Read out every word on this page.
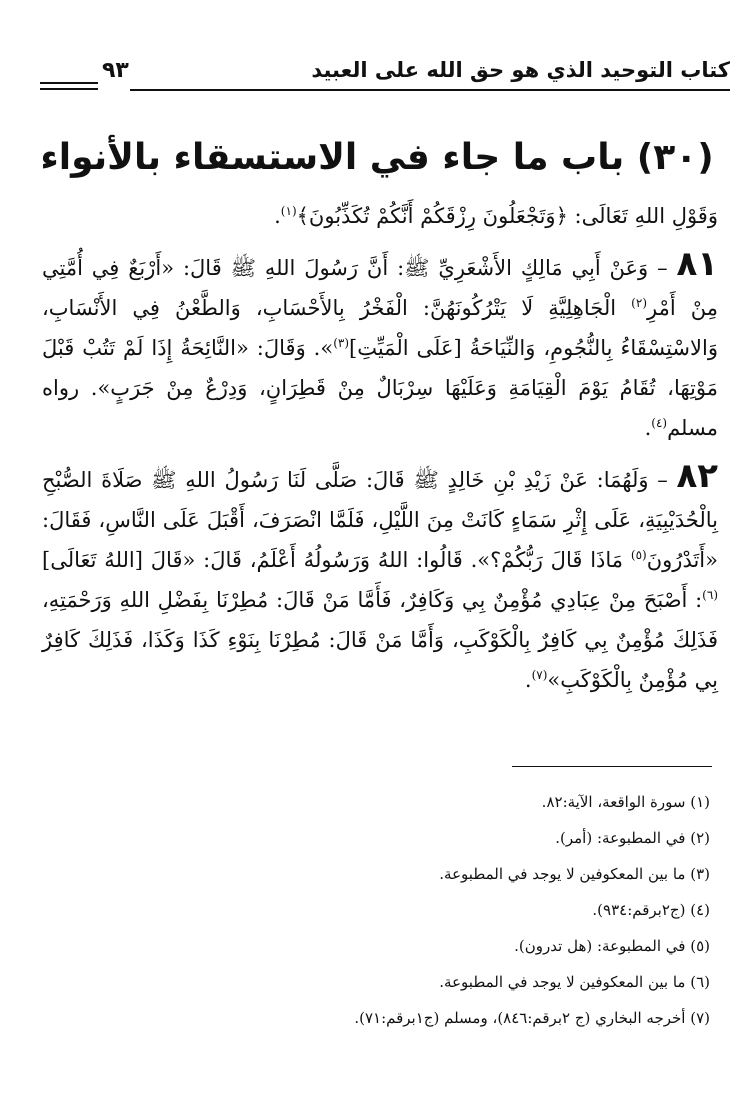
كتاب التوحيد الذي هو حق الله على العبيد
٩٣
(٣٠) باب ما جاء في الاستسقاء بالأنواء

وَقَوْلِ اللهِ تَعَالَى: ﴿وَتَجْعَلُونَ رِزْقَكُمْ أَنَّكُمْ تُكَذِّبُونَ﴾$^{(١)}$.

٨١ – وَعَنْ أَبِي مَالِكٍ الأَشْعَرِيِّ ﷺ: أَنَّ رَسُولَ اللهِ ﷺ قَالَ: «أَرْبَعٌ فِي أُمَّتِي مِنْ أَمْرِ$^{(٢)}$ الْجَاهِلِيَّةِ لَا يَتْرُكُونَهُنَّ: الْفَخْرُ بِالأَحْسَابِ، وَالطَّعْنُ فِي الأَنْسَابِ، وَالاسْتِسْقَاءُ بِالنُّجُومِ، وَالنِّيَاحَةُ [عَلَى الْمَيِّتِ]$^{(٣)}$». وَقَالَ: «النَّائِحَةُ إِذَا لَمْ تَتُبْ قَبْلَ مَوْتِهَا، تُقَامُ يَوْمَ الْقِيَامَةِ وَعَلَيْهَا سِرْبَالٌ مِنْ قَطِرَانٍ، وَدِرْعٌ مِنْ جَرَبٍ». رواه مسلم$^{(٤)}$.

٨٢ – وَلَهُمَا: عَنْ زَيْدِ بْنِ خَالِدٍ ﷺ قَالَ: صَلَّى لَنَا رَسُولُ اللهِ ﷺ صَلَاةَ الصُّبْحِ بِالْحُدَيْبِيَةِ، عَلَى إِثْرِ سَمَاءٍ كَانَتْ مِنَ اللَّيْلِ، فَلَمَّا انْصَرَفَ، أَقْبَلَ عَلَى النَّاسِ، فَقَالَ: «أَتَدْرُونَ$^{(٥)}$ مَاذَا قَالَ رَبُّكُمْ؟». قَالُوا: اللهُ وَرَسُولُهُ أَعْلَمُ، قَالَ: «قَالَ [اللهُ تَعَالَى]$^{(٦)}$: أَصْبَحَ مِنْ عِبَادِي مُؤْمِنٌ بِي وَكَافِرٌ، فَأَمَّا مَنْ قَالَ: مُطِرْنَا بِفَضْلِ اللهِ وَرَحْمَتِهِ، فَذَلِكَ مُؤْمِنٌ بِي كَافِرٌ بِالْكَوْكَبِ، وَأَمَّا مَنْ قَالَ: مُطِرْنَا بِنَوْءِ كَذَا وَكَذَا، فَذَلِكَ كَافِرٌ بِي مُؤْمِنٌ بِالْكَوْكَبِ»$^{(٧)}$.

(١) سورة الواقعة، الآية:٨٢.
(٢) في المطبوعة: (أمر).
(٣) ما بين المعكوفين لا يوجد في المطبوعة.
(٤) (ج٢برقم:٩٣٤).
(٥) في المطبوعة: (هل تدرون).
(٦) ما بين المعكوفين لا يوجد في المطبوعة.
(٧) أخرجه البخاري (ج ٢برقم:٨٤٦)، ومسلم (ج١برقم:٧١).
